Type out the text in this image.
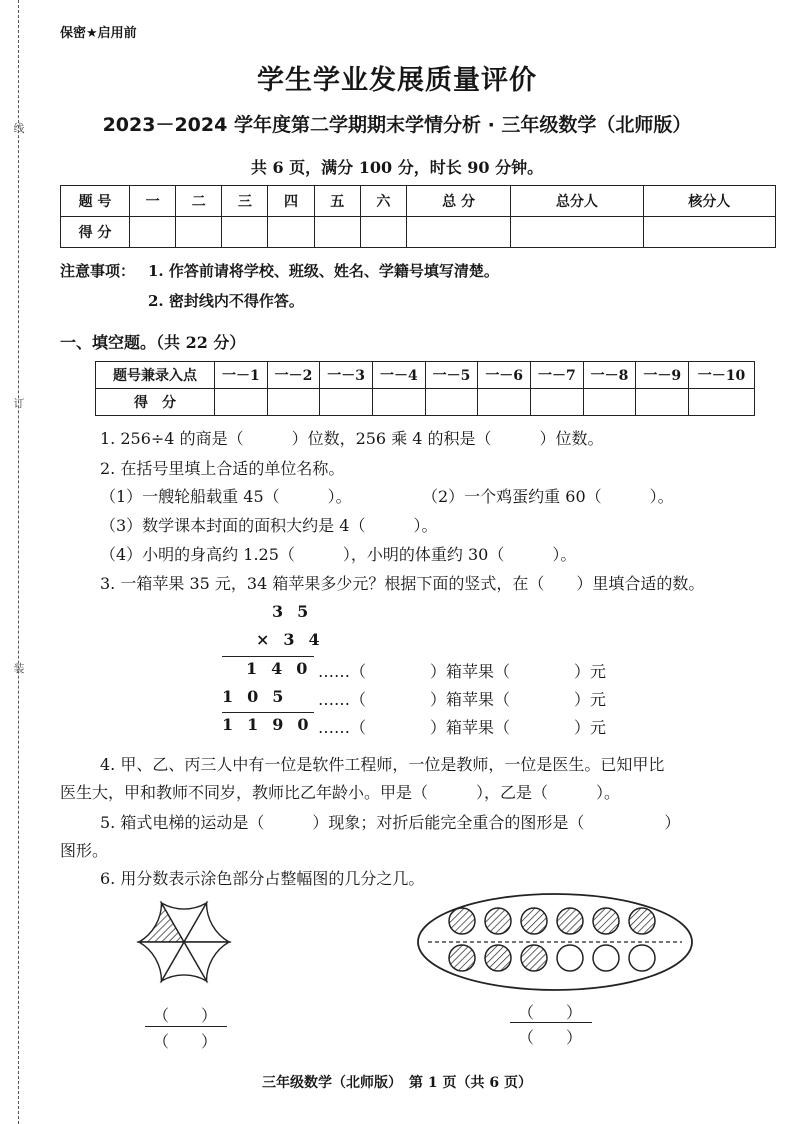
线
订
装
保密★启用前
学生学业发展质量评价
2023－2024 学年度第二学期期末学情分析 · 三年级数学（北师版）
共 6 页，满分 100 分，时长 90 分钟。
题 号	一	二	三	四	五	六	总 分	总分人	核分人
得 分									
注意事项： 1. 作答前请将学校、班级、姓名、学籍号填写清楚。
2. 密封线内不得作答。
一、填空题。（共 22 分）
题号兼录入点	一－1	一－2	一－3	一－4	一－5	一－6	一－7	一－8	一－9	一－10
得　分										
1. 256÷4 的商是（　　　）位数，256 乘 4 的积是（　　　）位数。
2. 在括号里填上合适的单位名称。
（1）一艘轮船载重 45（　　　）。	（2）一个鸡蛋约重 60（　　　）。
（3）数学课本封面的面积大约是 4（　　　）。
（4）小明的身高约 1.25（　　　），小明的体重约 30（　　　）。
3. 一箱苹果 35 元，34 箱苹果多少元？根据下面的竖式，在（　　）里填合适的数。
35
×34
140
……（　　　　）箱苹果（　　　　）元
105 ……（　　　　）箱苹果（　　　　）元
1190
……（　　　　）箱苹果（　　　　）元
4. 甲、乙、丙三人中有一位是软件工程师，一位是教师，一位是医生。已知甲比
医生大，甲和教师不同岁，教师比乙年龄小。甲是（　　　），乙是（　　　）。
5. 箱式电梯的运动是（　　　）现象；对折后能完全重合的图形是（　　　　　）
图形。
6. 用分数表示涂色部分占整幅图的几分之几。
（　　）
（　　）
（　　）
（　　）
三年级数学（北师版）　第 1 页（共 6 页）
